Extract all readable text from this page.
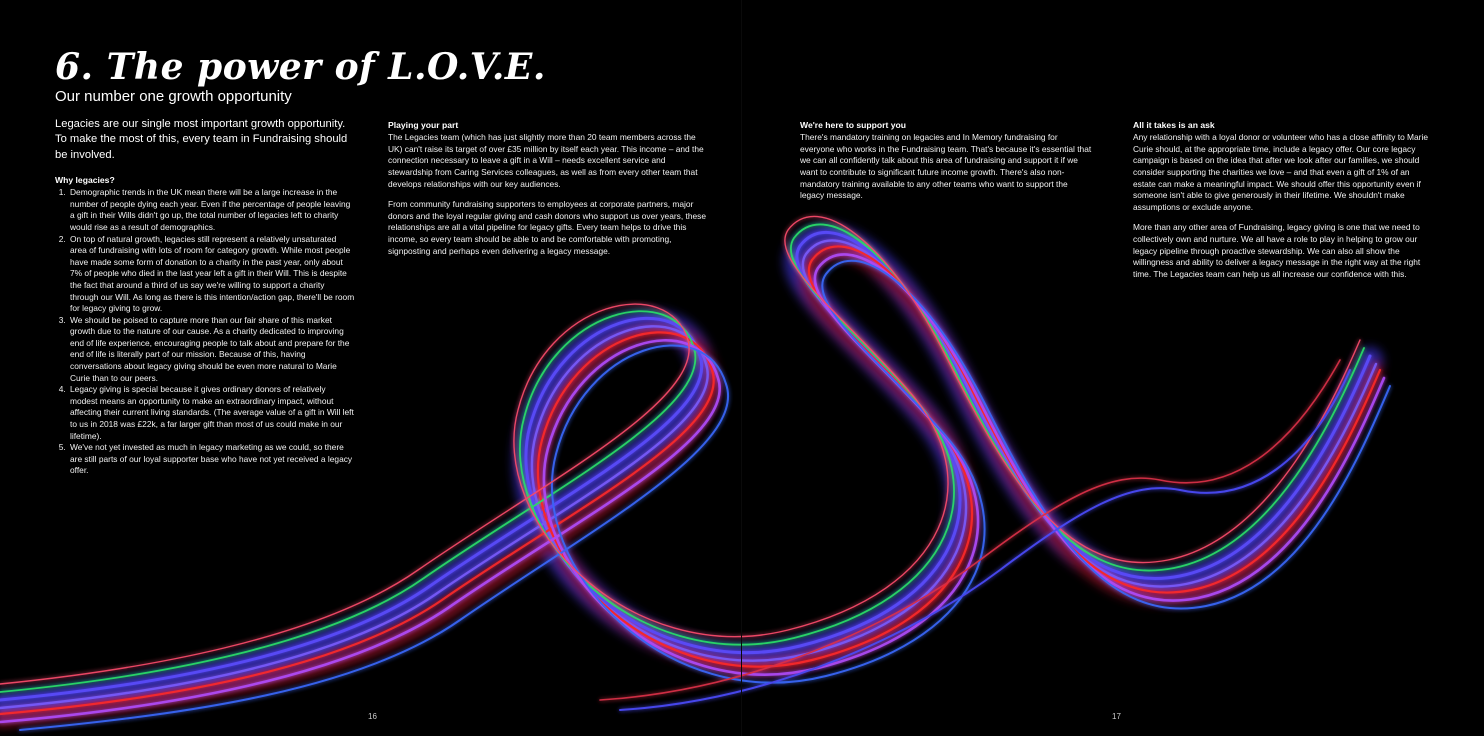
6. The power of L.O.V.E.

Our number one growth opportunity

Legacies are our single most important growth opportunity. To make the most of this, every team in Fundraising should be involved.

Why legacies?

1. Demographic trends in the UK mean there will be a large increase in the number of people dying each year. Even if the percentage of people leaving a gift in their Wills didn't go up, the total number of legacies left to charity would rise as a result of demographics.
2. On top of natural growth, legacies still represent a relatively unsaturated area of fundraising with lots of room for category growth. While most people have made some form of donation to a charity in the past year, only about 7% of people who died in the last year left a gift in their Will. This is despite the fact that around a third of us say we're willing to support a charity through our Will. As long as there is this intention/action gap, there'll be room for legacy giving to grow.
3. We should be poised to capture more than our fair share of this market growth due to the nature of our cause. As a charity dedicated to improving end of life experience, encouraging people to talk about and prepare for the end of life is literally part of our mission. Because of this, having conversations about legacy giving should be even more natural to Marie Curie than to our peers.
4. Legacy giving is special because it gives ordinary donors of relatively modest means an opportunity to make an extraordinary impact, without affecting their current living standards. (The average value of a gift in Will left to us in 2018 was £22k, a far larger gift than most of us could make in our lifetime).
5. We've not yet invested as much in legacy marketing as we could, so there are still parts of our loyal supporter base who have not yet received a legacy offer.

Playing your part

The Legacies team (which has just slightly more than 20 team members across the UK) can't raise its target of over £35 million by itself each year. This income – and the connection necessary to leave a gift in a Will – needs excellent service and stewardship from Caring Services colleagues, as well as from every other team that develops relationships with our key audiences.

From community fundraising supporters to employees at corporate partners, major donors and the loyal regular giving and cash donors who support us over years, these relationships are all a vital pipeline for legacy gifts. Every team helps to drive this income, so every team should be able to and be comfortable with promoting, signposting and perhaps even delivering a legacy message.

16

We're here to support you

There's mandatory training on legacies and In Memory fundraising for everyone who works in the Fundraising team. That's because it's essential that we can all confidently talk about this area of fundraising and support it if we want to contribute to significant future income growth. There's also non-mandatory training available to any other teams who want to support the legacy message.

All it takes is an ask

Any relationship with a loyal donor or volunteer who has a close affinity to Marie Curie should, at the appropriate time, include a legacy offer. Our core legacy campaign is based on the idea that after we look after our families, we should consider supporting the charities we love – and that even a gift of 1% of an estate can make a meaningful impact. We should offer this opportunity even if someone isn't able to give generously in their lifetime. We shouldn't make assumptions or exclude anyone.

More than any other area of Fundraising, legacy giving is one that we need to collectively own and nurture. We all have a role to play in helping to grow our legacy pipeline through proactive stewardship. We can also all show the willingness and ability to deliver a legacy message in the right way at the right time. The Legacies team can help us all increase our confidence with this.

17
